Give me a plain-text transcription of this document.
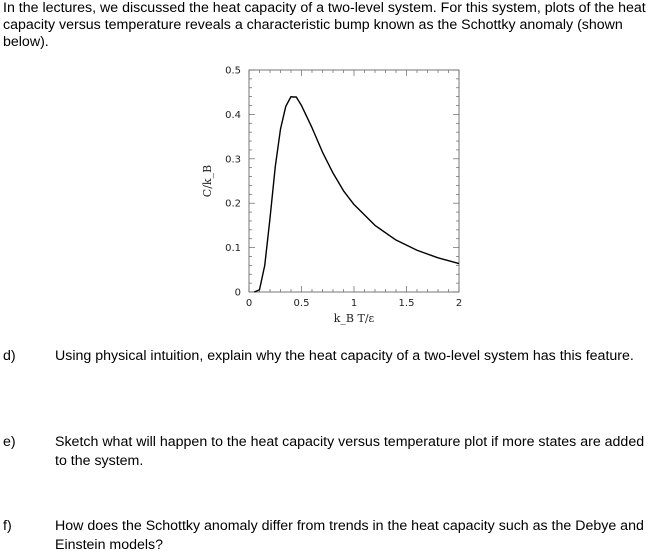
In the lectures, we discussed the heat capacity of a two-level system. For this system, plots of the heat capacity versus temperature reveals a characteristic bump known as the Schottky anomaly (shown below).
0	0.5	1	1.5	2
0
0.1
0.2
0.3
0.4
0.5
k_B T/ε
C/k_B
d)	Using physical intuition, explain why the heat capacity of a two-level system has this feature.
e)	Sketch what will happen to the heat capacity versus temperature plot if more states are added to the system.
f)	How does the Schottky anomaly differ from trends in the heat capacity such as the Debye and Einstein models?
